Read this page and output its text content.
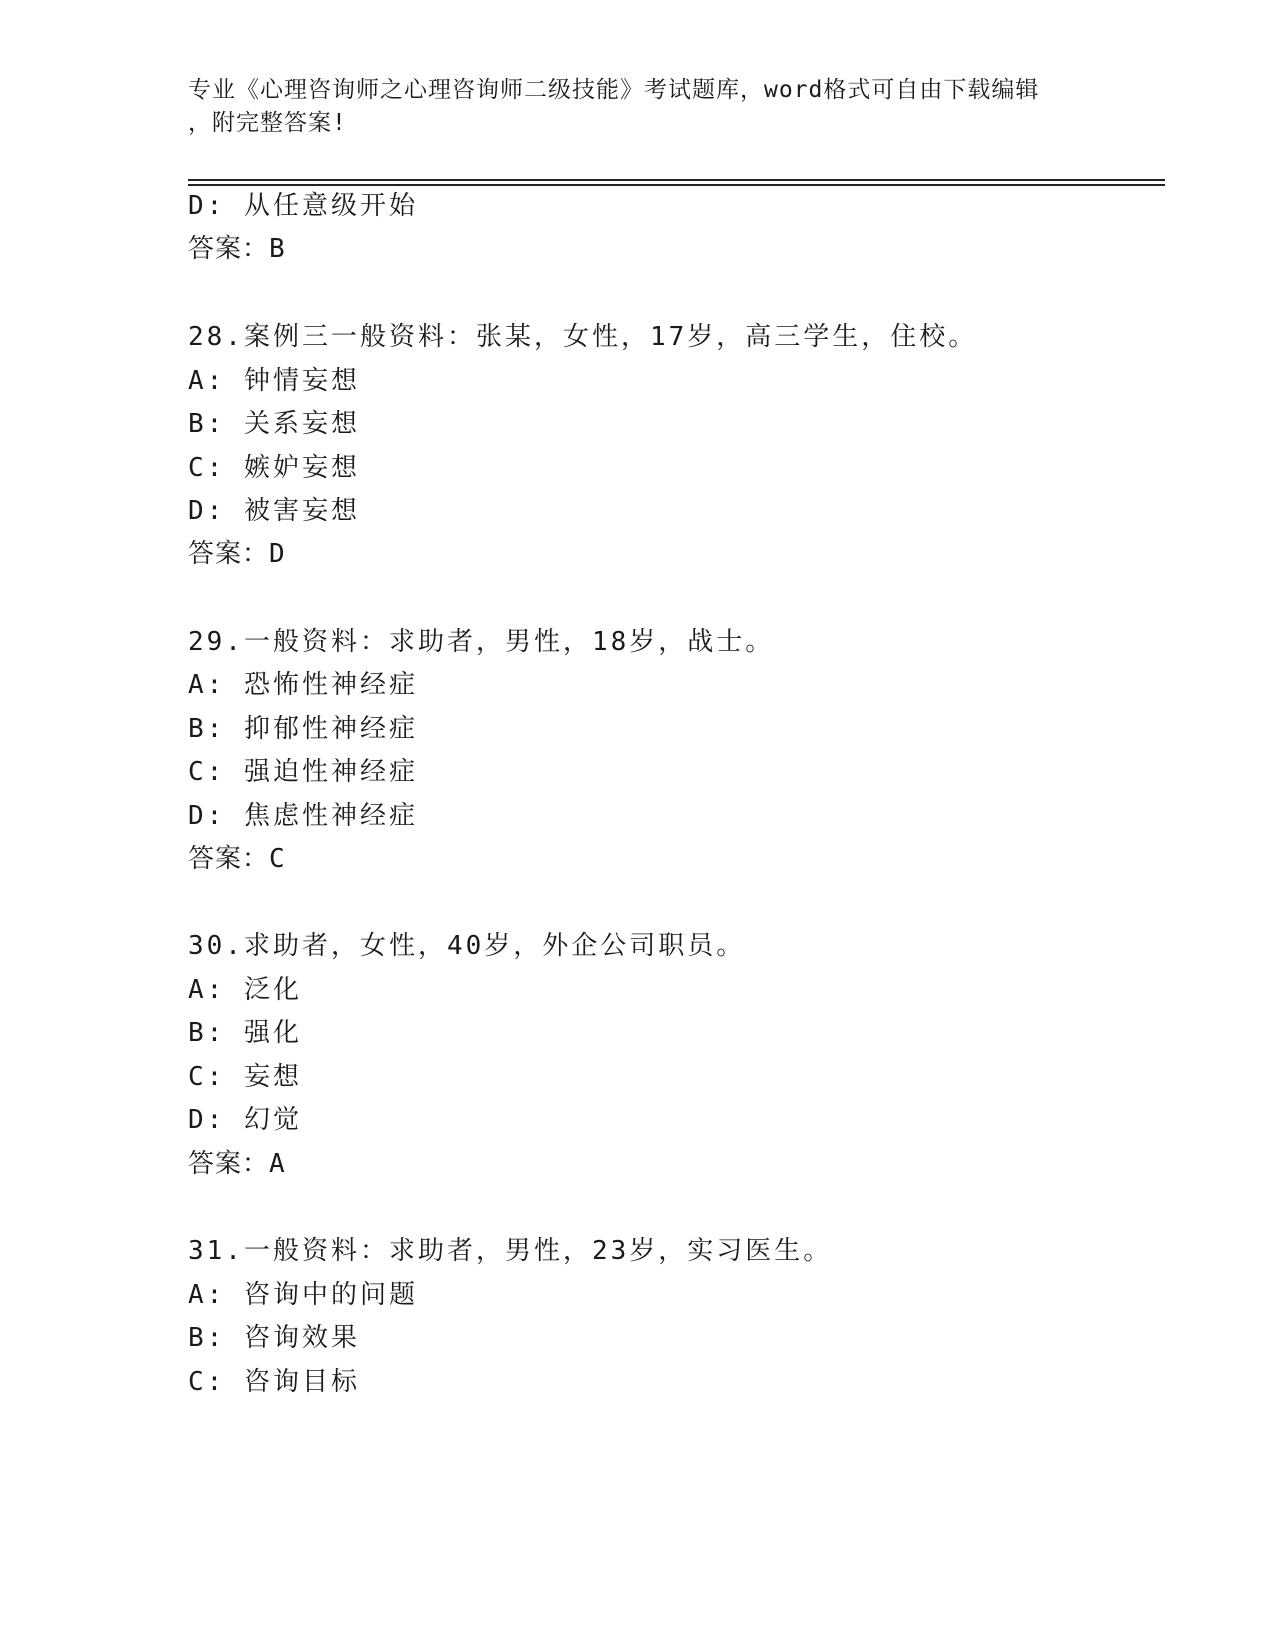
专业《心理咨询师之心理咨询师二级技能》考试题库，word格式可自由下载编辑
，附完整答案!
D: 从任意级开始
答案：B
28.案例三一般资料：张某，女性，17岁，高三学生，住校。
A: 钟情妄想
B: 关系妄想
C: 嫉妒妄想
D: 被害妄想
答案：D
29.一般资料：求助者，男性，18岁，战士。
A: 恐怖性神经症
B: 抑郁性神经症
C: 强迫性神经症
D: 焦虑性神经症
答案：C
30.求助者，女性，40岁，外企公司职员。
A: 泛化
B: 强化
C: 妄想
D: 幻觉
答案：A
31.一般资料：求助者，男性，23岁，实习医生。
A: 咨询中的问题
B: 咨询效果
C: 咨询目标
